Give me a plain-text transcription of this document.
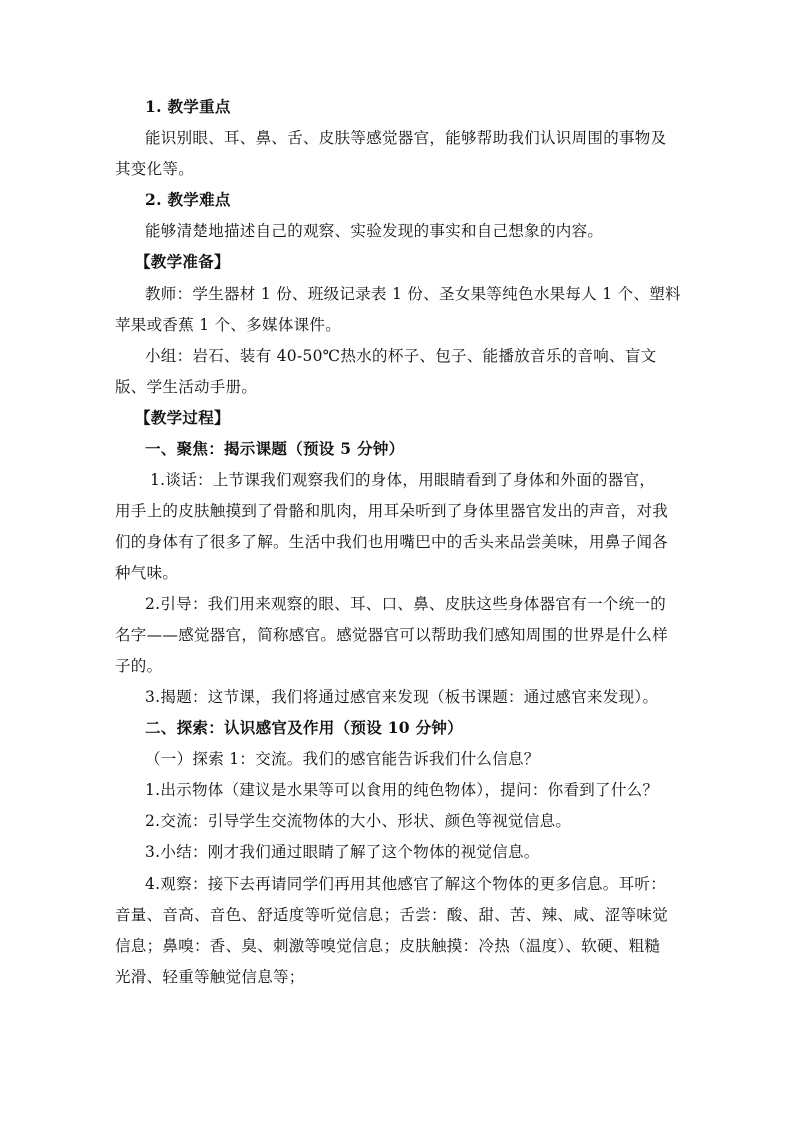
1. 教学重点
能识别眼、耳、鼻、舌、皮肤等感觉器官，能够帮助我们认识周围的事物及
其变化等。
2. 教学难点
能够清楚地描述自己的观察、实验发现的事实和自己想象的内容。
【教学准备】
教师：学生器材 1 份、班级记录表 1 份、圣女果等纯色水果每人 1 个、塑料
苹果或香蕉 1 个、多媒体课件。
小组：岩石、装有 40-50℃热水的杯子、包子、能播放音乐的音响、盲文
版、学生活动手册。
【教学过程】
一、聚焦：揭示课题（预设 5 分钟）
1.谈话：上节课我们观察我们的身体，用眼睛看到了身体和外面的器官，
用手上的皮肤触摸到了骨骼和肌肉，用耳朵听到了身体里器官发出的声音，对我
们的身体有了很多了解。生活中我们也用嘴巴中的舌头来品尝美味，用鼻子闻各
种气味。
2.引导：我们用来观察的眼、耳、口、鼻、皮肤这些身体器官有一个统一的
名字——感觉器官，简称感官。感觉器官可以帮助我们感知周围的世界是什么样
子的。
3.揭题：这节课，我们将通过感官来发现（板书课题：通过感官来发现）。
二、探索：认识感官及作用（预设 10 分钟）
（一）探索 1：交流。我们的感官能告诉我们什么信息？
1.出示物体（建议是水果等可以食用的纯色物体），提问：你看到了什么？
2.交流：引导学生交流物体的大小、形状、颜色等视觉信息。
3.小结：刚才我们通过眼睛了解了这个物体的视觉信息。
4.观察：接下去再请同学们再用其他感官了解这个物体的更多信息。耳听：
音量、音高、音色、舒适度等听觉信息；舌尝：酸、甜、苦、辣、咸、涩等味觉
信息；鼻嗅：香、臭、刺激等嗅觉信息；皮肤触摸：冷热（温度）、软硬、粗糙
光滑、轻重等触觉信息等；
